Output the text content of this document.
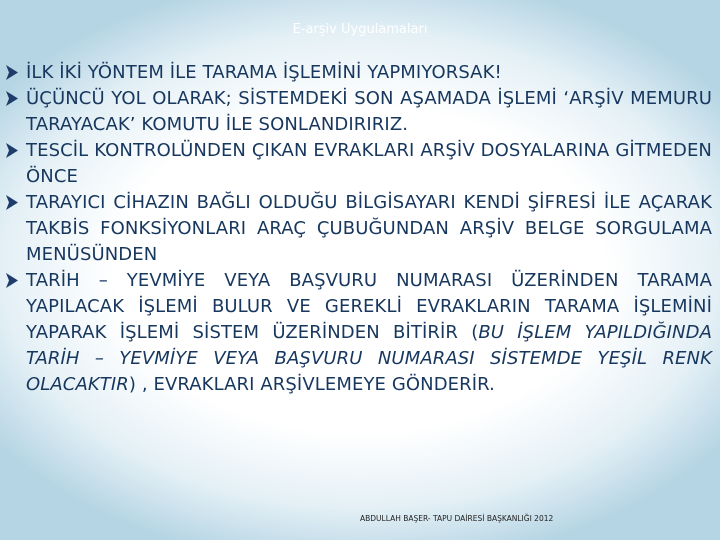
E-arşiv Uygulamaları
İLK İKİ YÖNTEM İLE TARAMA İŞLEMİNİ YAPMIYORSAK!
ÜÇÜNCÜ YOL OLARAK; SİSTEMDEKİ SON AŞAMADA İŞLEMİ ‘ARŞİV MEMURU TARAYACAK’ KOMUTU İLE SONLANDIRIRIZ.
TESCİL KONTROLÜNDEN ÇIKAN EVRAKLARI ARŞİV DOSYALARINA GİTMEDEN ÖNCE
TARAYICI CİHAZIN BAĞLI OLDUĞU BİLGİSAYARI KENDİ ŞİFRESİ İLE AÇARAK TAKBİS FONKSİYONLARI ARAÇ ÇUBUĞUNDAN ARŞİV BELGE SORGULAMA MENÜSÜNDEN
TARİH – YEVMİYE VEYA BAŞVURU NUMARASI ÜZERİNDEN TARAMA YAPILACAK İŞLEMİ BULUR VE GEREKLİ EVRAKLARIN TARAMA İŞLEMİNİ YAPARAK İŞLEMİ SİSTEM ÜZERİNDEN BİTİRİR (BU İŞLEM YAPILDIĞINDA TARİH – YEVMİYE VEYA BAŞVURU NUMARASI SİSTEMDE YEŞİL RENK OLACAKTIR) , EVRAKLARI ARŞİVLEMEYE GÖNDERİR.
ABDULLAH BAŞER- TAPU DAİRESİ BAŞKANLIĞI 2012
